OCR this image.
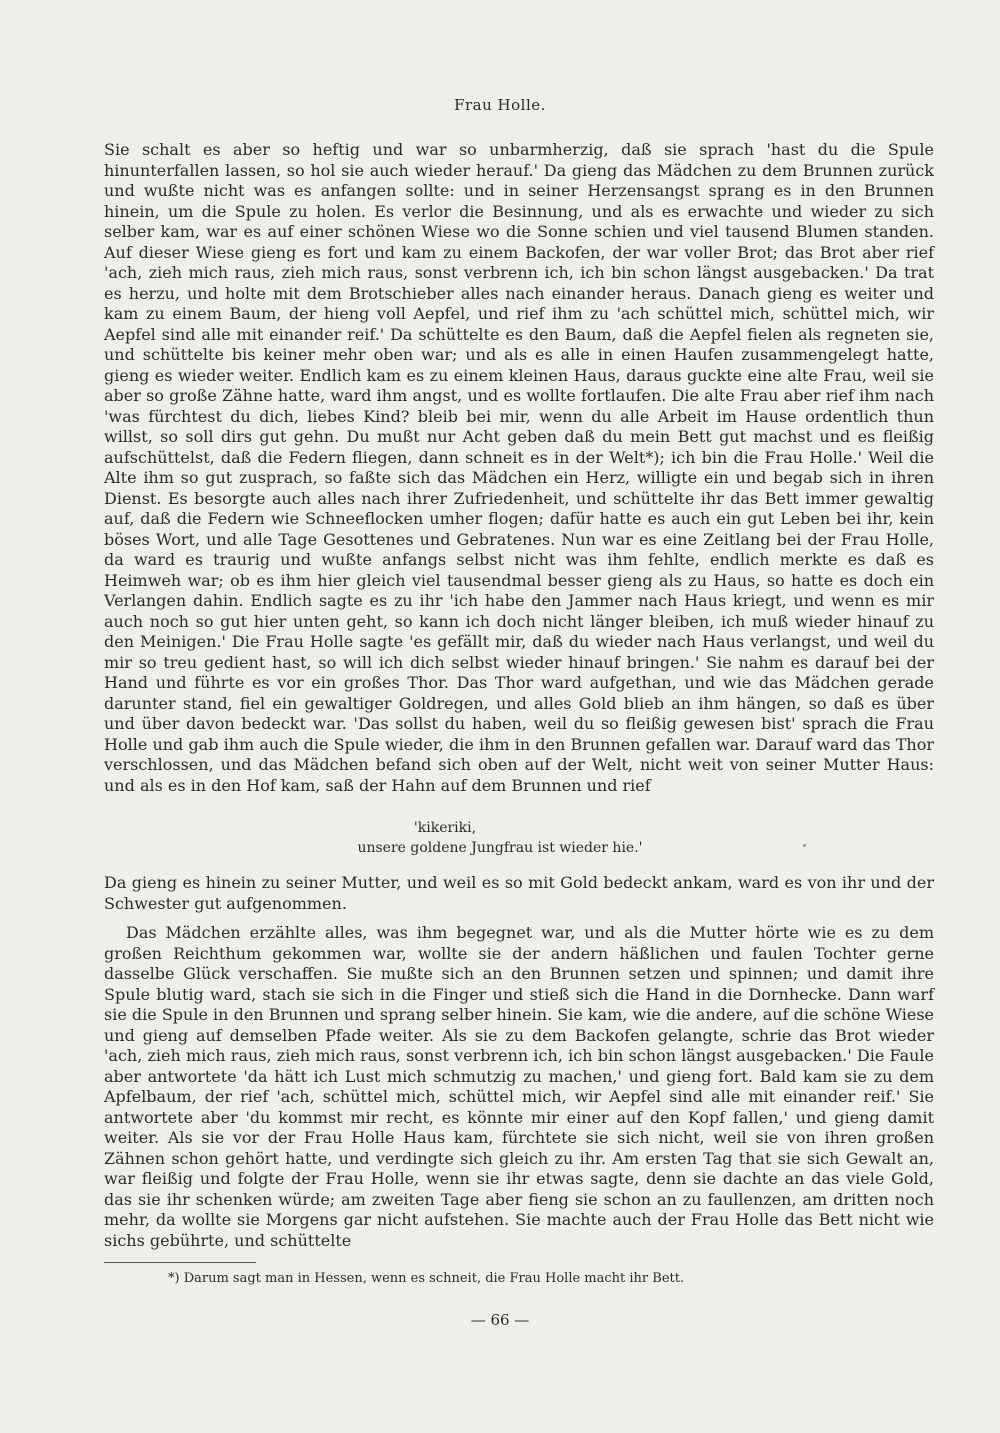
Frau Holle.

Sie schalt es aber so heftig und war so unbarmherzig, daß sie sprach 'hast du die Spule hinunterfallen lassen, so hol sie auch wieder herauf.' Da gieng das Mädchen zu dem Brunnen zurück und wußte nicht was es anfangen sollte: und in seiner Herzensangst sprang es in den Brunnen hinein, um die Spule zu holen. Es verlor die Besinnung, und als es erwachte und wieder zu sich selber kam, war es auf einer schönen Wiese wo die Sonne schien und viel tausend Blumen standen. Auf dieser Wiese gieng es fort und kam zu einem Backofen, der war voller Brot; das Brot aber rief 'ach, zieh mich raus, zieh mich raus, sonst verbrenn ich, ich bin schon längst ausgebacken.' Da trat es herzu, und holte mit dem Brotschieber alles nach einander heraus. Danach gieng es weiter und kam zu einem Baum, der hieng voll Aepfel, und rief ihm zu 'ach schüttel mich, schüttel mich, wir Aepfel sind alle mit einander reif.' Da schüttelte es den Baum, daß die Aepfel fielen als regneten sie, und schüttelte bis keiner mehr oben war; und als es alle in einen Haufen zusammengelegt hatte, gieng es wieder weiter. Endlich kam es zu einem kleinen Haus, daraus guckte eine alte Frau, weil sie aber so große Zähne hatte, ward ihm angst, und es wollte fortlaufen. Die alte Frau aber rief ihm nach 'was fürchtest du dich, liebes Kind? bleib bei mir, wenn du alle Arbeit im Hause ordentlich thun willst, so soll dirs gut gehn. Du mußt nur Acht geben daß du mein Bett gut machst und es fleißig aufschüttelst, daß die Federn fliegen, dann schneit es in der Welt*); ich bin die Frau Holle.' Weil die Alte ihm so gut zusprach, so faßte sich das Mädchen ein Herz, willigte ein und begab sich in ihren Dienst. Es besorgte auch alles nach ihrer Zufriedenheit, und schüttelte ihr das Bett immer gewaltig auf, daß die Federn wie Schneeflocken umher flogen; dafür hatte es auch ein gut Leben bei ihr, kein böses Wort, und alle Tage Gesottenes und Gebratenes. Nun war es eine Zeitlang bei der Frau Holle, da ward es traurig und wußte anfangs selbst nicht was ihm fehlte, endlich merkte es daß es Heimweh war; ob es ihm hier gleich viel tausendmal besser gieng als zu Haus, so hatte es doch ein Verlangen dahin. Endlich sagte es zu ihr 'ich habe den Jammer nach Haus kriegt, und wenn es mir auch noch so gut hier unten geht, so kann ich doch nicht länger bleiben, ich muß wieder hinauf zu den Meinigen.' Die Frau Holle sagte 'es gefällt mir, daß du wieder nach Haus verlangst, und weil du mir so treu gedient hast, so will ich dich selbst wieder hinauf bringen.' Sie nahm es darauf bei der Hand und führte es vor ein großes Thor. Das Thor ward aufgethan, und wie das Mädchen gerade darunter stand, fiel ein gewaltiger Goldregen, und alles Gold blieb an ihm hängen, so daß es über und über davon bedeckt war. 'Das sollst du haben, weil du so fleißig gewesen bist' sprach die Frau Holle und gab ihm auch die Spule wieder, die ihm in den Brunnen gefallen war. Darauf ward das Thor verschlossen, und das Mädchen befand sich oben auf der Welt, nicht weit von seiner Mutter Haus: und als es in den Hof kam, saß der Hahn auf dem Brunnen und rief

'kikeriki,
unsere goldene Jungfrau ist wieder hie.'

Da gieng es hinein zu seiner Mutter, und weil es so mit Gold bedeckt ankam, ward es von ihr und der Schwester gut aufgenommen.

Das Mädchen erzählte alles, was ihm begegnet war, und als die Mutter hörte wie es zu dem großen Reichthum gekommen war, wollte sie der andern häßlichen und faulen Tochter gerne dasselbe Glück verschaffen. Sie mußte sich an den Brunnen setzen und spinnen; und damit ihre Spule blutig ward, stach sie sich in die Finger und stieß sich die Hand in die Dornhecke. Dann warf sie die Spule in den Brunnen und sprang selber hinein. Sie kam, wie die andere, auf die schöne Wiese und gieng auf demselben Pfade weiter. Als sie zu dem Backofen gelangte, schrie das Brot wieder 'ach, zieh mich raus, zieh mich raus, sonst verbrenn ich, ich bin schon längst ausgebacken.' Die Faule aber antwortete 'da hätt ich Lust mich schmutzig zu machen,' und gieng fort. Bald kam sie zu dem Apfelbaum, der rief 'ach, schüttel mich, schüttel mich, wir Aepfel sind alle mit einander reif.' Sie antwortete aber 'du kommst mir recht, es könnte mir einer auf den Kopf fallen,' und gieng damit weiter. Als sie vor der Frau Holle Haus kam, fürchtete sie sich nicht, weil sie von ihren großen Zähnen schon gehört hatte, und verdingte sich gleich zu ihr. Am ersten Tag that sie sich Gewalt an, war fleißig und folgte der Frau Holle, wenn sie ihr etwas sagte, denn sie dachte an das viele Gold, das sie ihr schenken würde; am zweiten Tage aber fieng sie schon an zu faullenzen, am dritten noch mehr, da wollte sie Morgens gar nicht aufstehen. Sie machte auch der Frau Holle das Bett nicht wie sichs gebührte, und schüttelte

*) Darum sagt man in Hessen, wenn es schneit, die Frau Holle macht ihr Bett.
— 66 —
